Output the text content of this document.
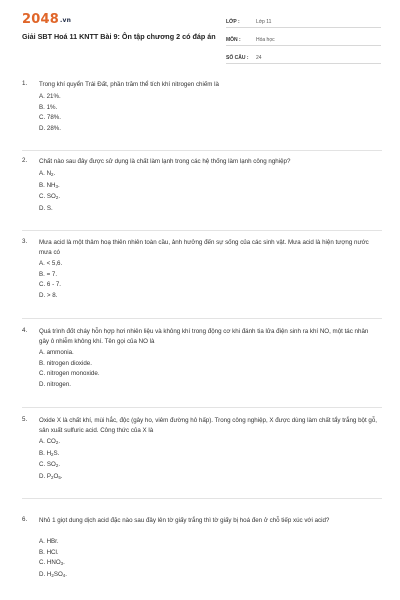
2048.vn
Giải SBT Hoá 11 KNTT Bài 9: Ôn tập chương 2 có đáp án
LỚP :	Lớp 11
MÔN :	Hóa học
SỐ CÂU :	24
1. Trong khí quyển Trái Đất, phần trăm thể tích khí nitrogen chiếm là
A. 21%.
B. 1%.
C. 78%.
D. 28%.
2. Chất nào sau đây được sử dụng là chất làm lạnh trong các hệ thống làm lạnh công nghiệp?
A. $N_2$.
B. $NH_3$.
C. $SO_2$.
D. S.
3. Mưa acid là một thảm hoạ thiên nhiên toàn cầu, ảnh hưởng đến sự sống của các sinh vật. Mưa acid là hiện tượng nước mưa có
A. < 5,6.
B. = 7.
C. 6 - 7.
D. > 8.
4. Quá trình đốt cháy hỗn hợp hơi nhiên liệu và không khí trong động cơ khi đánh tia lửa điện sinh ra khí NO, một tác nhân gây ô nhiễm không khí. Tên gọi của NO là
A. ammonia.
B. nitrogen dioxide.
C. nitrogen monoxide.
D. nitrogen.
5. Oxide X là chất khí, mùi hắc, độc (gây ho, viêm đường hô hấp). Trong công nghiệp, X được dùng làm chất tẩy trắng bột gỗ, sản xuất sulfuric acid. Công thức của X là
A. $CO_2$.
B. $H_2S$.
C. $SO_2$.
D. $P_2O_5$.
6. Nhỏ 1 giọt dung dịch acid đặc nào sau đây lên tờ giấy trắng thì tờ giấy bị hoá đen ở chỗ tiếp xúc với acid?
A. HBr.
B. HCl.
C. $HNO_3$.
D. $H_2SO_4$.
